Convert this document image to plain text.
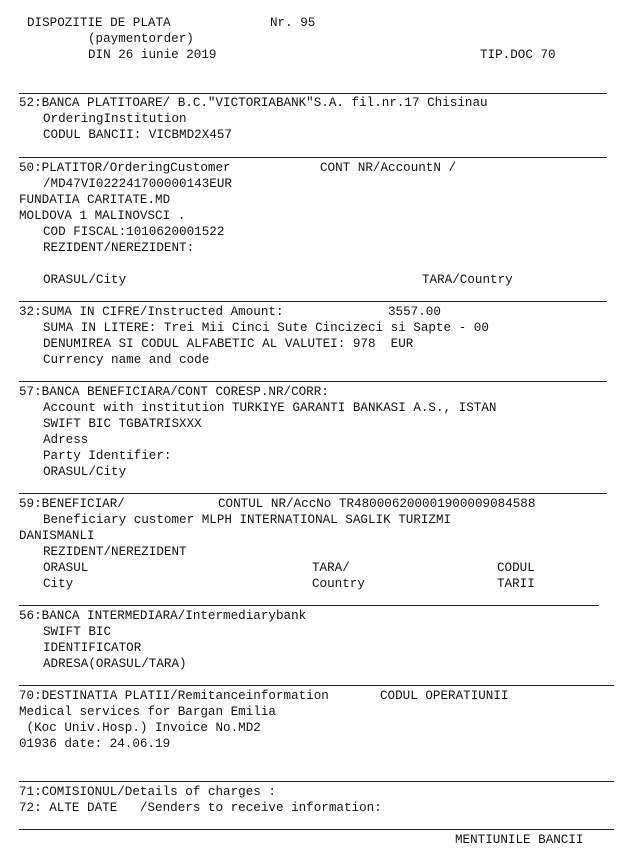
DISPOZITIE DE PLATA	Nr. 95
(paymentorder)
DIN 26 iunie 2019	TIP.DOC 70
52:BANCA PLATITOARE/ B.C."VICTORIABANK"S.A. fil.nr.17 Chisinau
OrderingInstitution
CODUL BANCII: VICBMD2X457
50:PLATITOR/OrderingCustomer	CONT NR/AccountN /
/MD47VI022241700000143EUR
FUNDATIA CARITATE.MD
MOLDOVA 1 MALINOVSCI .
COD FISCAL:1010620001522
REZIDENT/NEREZIDENT:
ORASUL/City	TARA/Country
32:SUMA IN CIFRE/Instructed Amount:	3557.00
SUMA IN LITERE: Trei Mii Cinci Sute Cincizeci si Sapte - 00
DENUMIREA SI CODUL ALFABETIC AL VALUTEI: 978  EUR
Currency name and code
57:BANCA BENEFICIARA/CONT CORESP.NR/CORR:
Account with institution TURKIYE GARANTI BANKASI A.S., ISTAN
SWIFT BIC TGBATRISXXX
Adress
Party Identifier:
ORASUL/City
59:BENEFICIAR/	CONTUL NR/AccNo TR480006200001900009084588
Beneficiary customer MLPH INTERNATIONAL SAGLIK TURIZMI
DANISMANLI
REZIDENT/NEREZIDENT
ORASUL	TARA/	CODUL
City	Country	TARII
56:BANCA INTERMEDIARA/Intermediarybank
SWIFT BIC
IDENTIFICATOR
ADRESA(ORASUL/TARA)
70:DESTINATIA PLATII/Remitanceinformation	CODUL OPERATIUNII
Medical services for Bargan Emilia
(Koc Univ.Hosp.) Invoice No.MD2
01936 date: 24.06.19
71:COMISIONUL/Details of charges :
72: ALTE DATE   /Senders to receive information:
MENTIUNILE BANCII
